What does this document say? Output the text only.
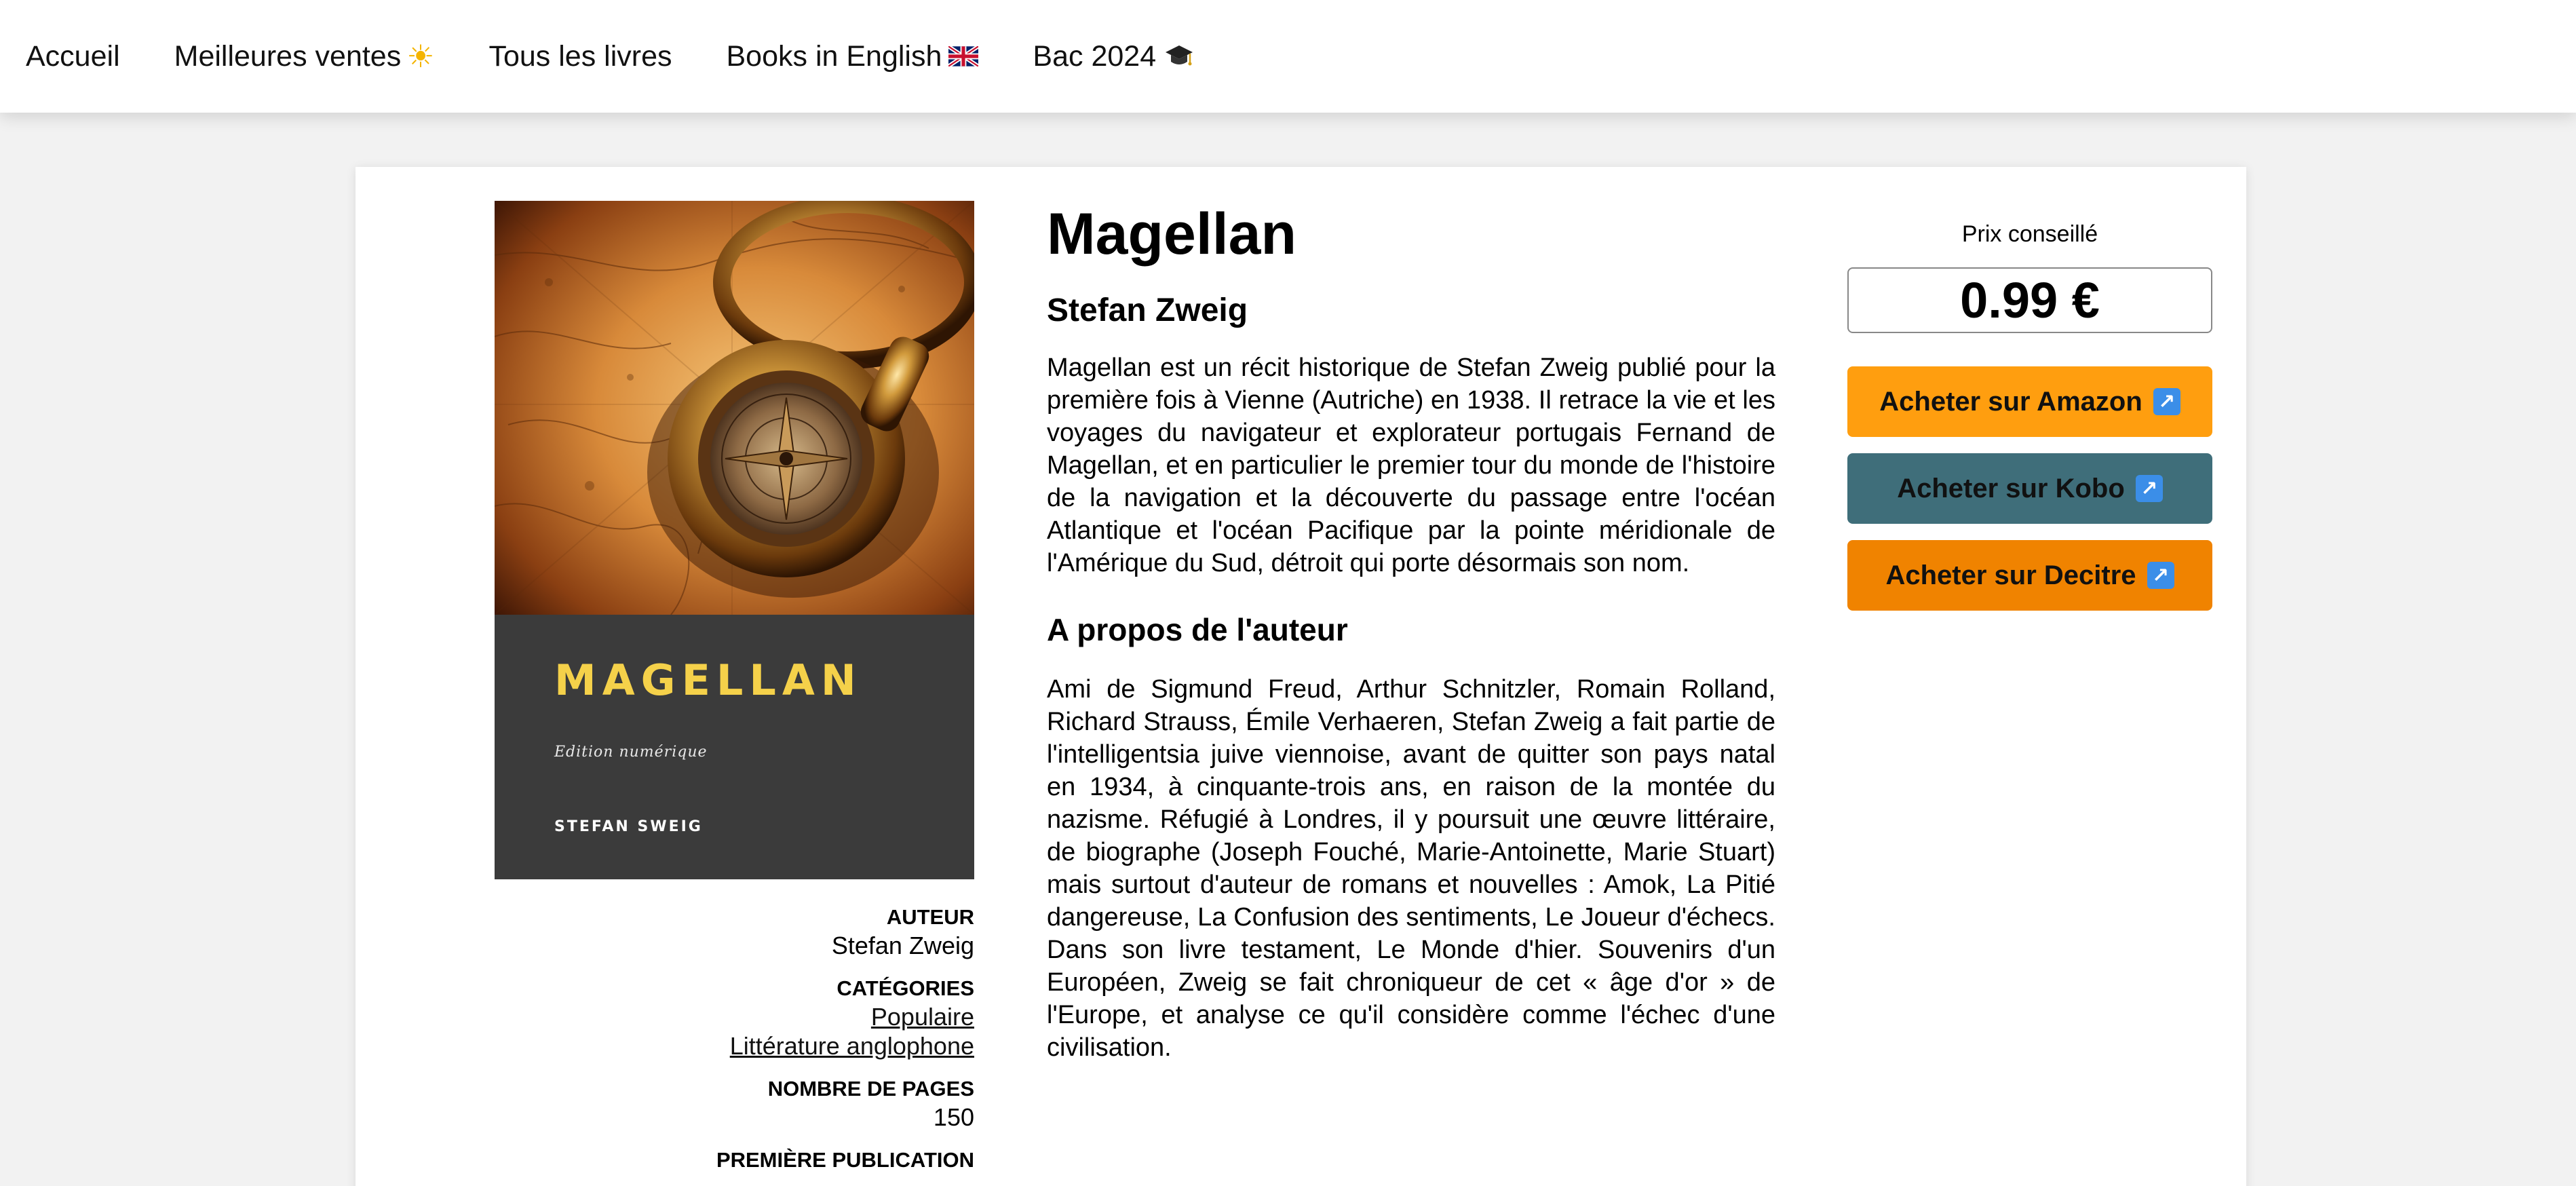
Accueil Meilleures ventes ☀ Tous les livres Books in English	Bac 2024
MAGELLAN
Edition numérique
STEFAN SWEIG
AUTEUR
Stefan Zweig
CATÉGORIES
Populaire
Littérature anglophone
NOMBRE DE PAGES
150
PREMIÈRE PUBLICATION
Magellan
Stefan Zweig

Magellan est un récit historique de Stefan Zweig publié pour la première fois à Vienne (Autriche) en 1938. Il retrace la vie et les voyages du navigateur et explorateur portugais Fernand de Magellan, et en particulier le premier tour du monde de l'histoire de la navigation et la découverte du passage entre l'océan Atlantique et l'océan Pacifique par la pointe méridionale de l'Amérique du Sud, détroit qui porte désormais son nom.

A propos de l'auteur

Ami de Sigmund Freud, Arthur Schnitzler, Romain Rolland, Richard Strauss, Émile Verhaeren, Stefan Zweig a fait partie de l'intelligentsia juive viennoise, avant de quitter son pays natal en 1934, à cinquante-trois ans, en raison de la montée du nazisme. Réfugié à Londres, il y poursuit une œuvre littéraire, de biographe (Joseph Fouché, Marie-Antoinette, Marie Stuart) mais surtout d'auteur de romans et nouvelles : Amok, La Pitié dangereuse, La Confusion des sentiments, Le Joueur d'échecs. Dans son livre testament, Le Monde d'hier. Souvenirs d'un Européen, Zweig se fait chroniqueur de cet « âge d'or » de l'Europe, et analyse ce qu'il considère comme l'échec d'une civilisation.

Prix conseillé
0.99 €
Acheter sur Amazon ↗
Acheter sur Kobo ↗
Acheter sur Decitre ↗
